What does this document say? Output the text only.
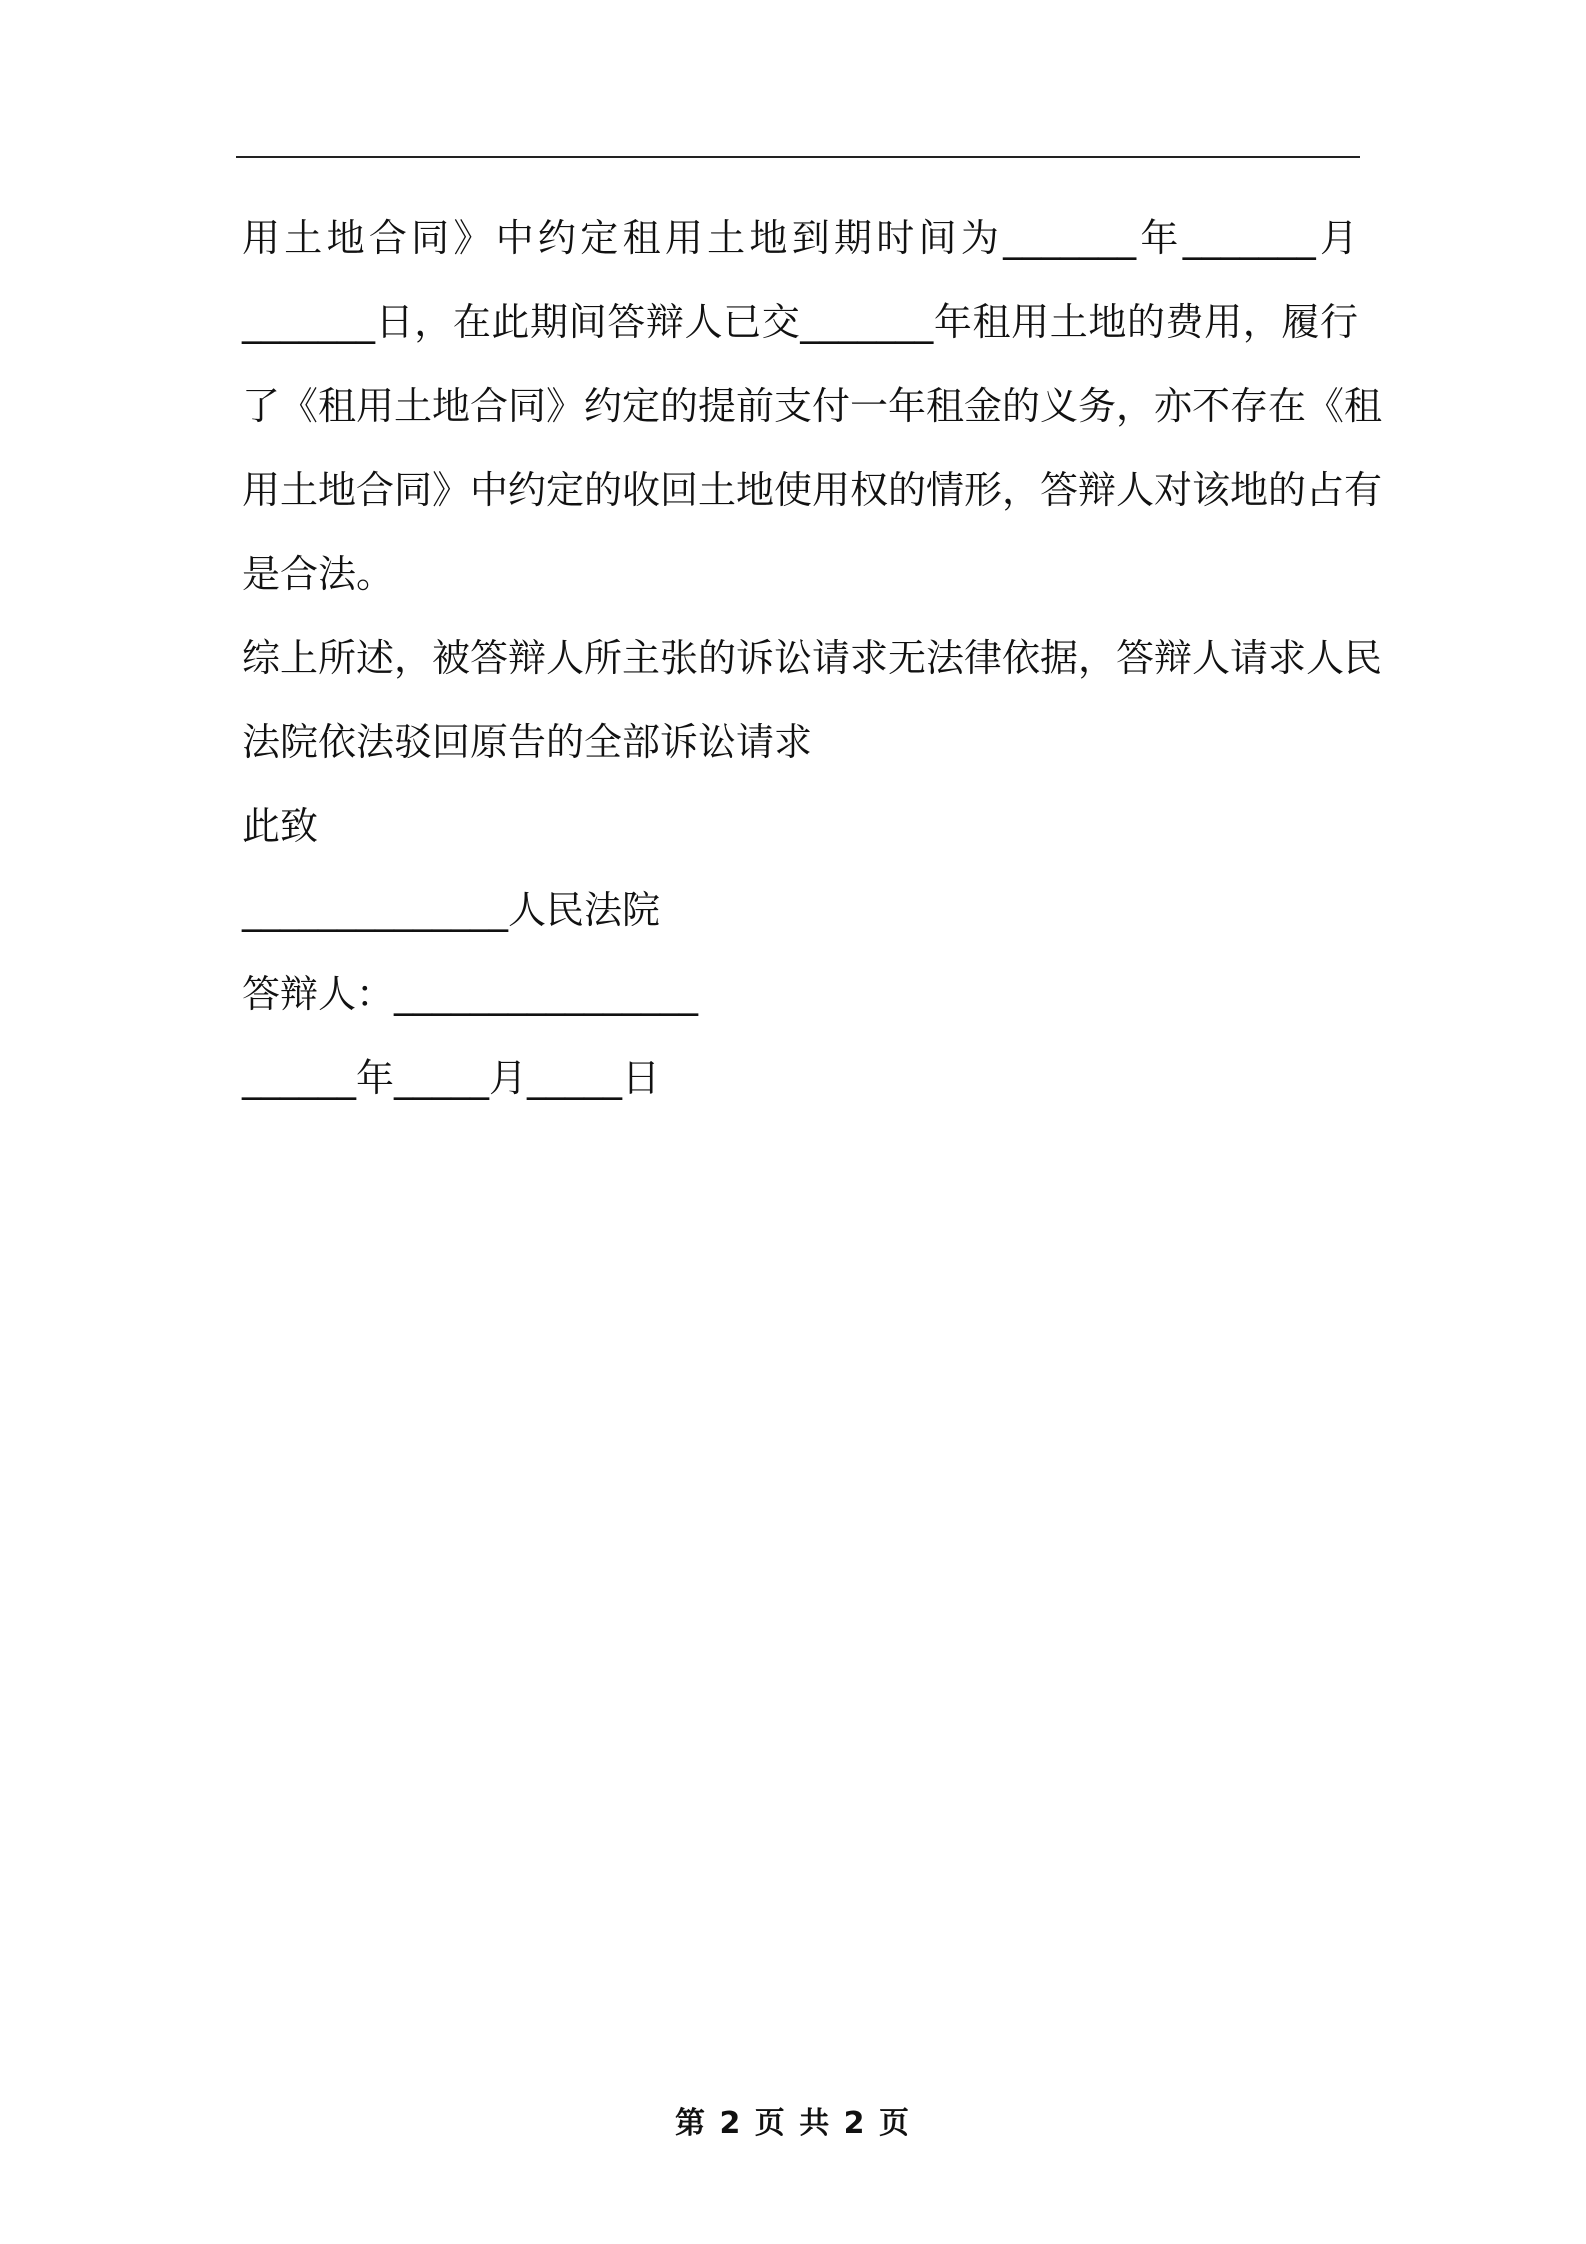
用土地合同》中约定租用土地到期时间为_______年_______月
_______日，在此期间答辩人已交_______年租用土地的费用，履行
了《租用土地合同》约定的提前支付一年租金的义务，亦不存在《租
用土地合同》中约定的收回土地使用权的情形，答辩人对该地的占有
是合法。
综上所述，被答辩人所主张的诉讼请求无法律依据，答辩人请求人民
法院依法驳回原告的全部诉讼请求
此致
______________人民法院
答辩人：________________
______年_____月_____日
第 2 页 共 2 页
